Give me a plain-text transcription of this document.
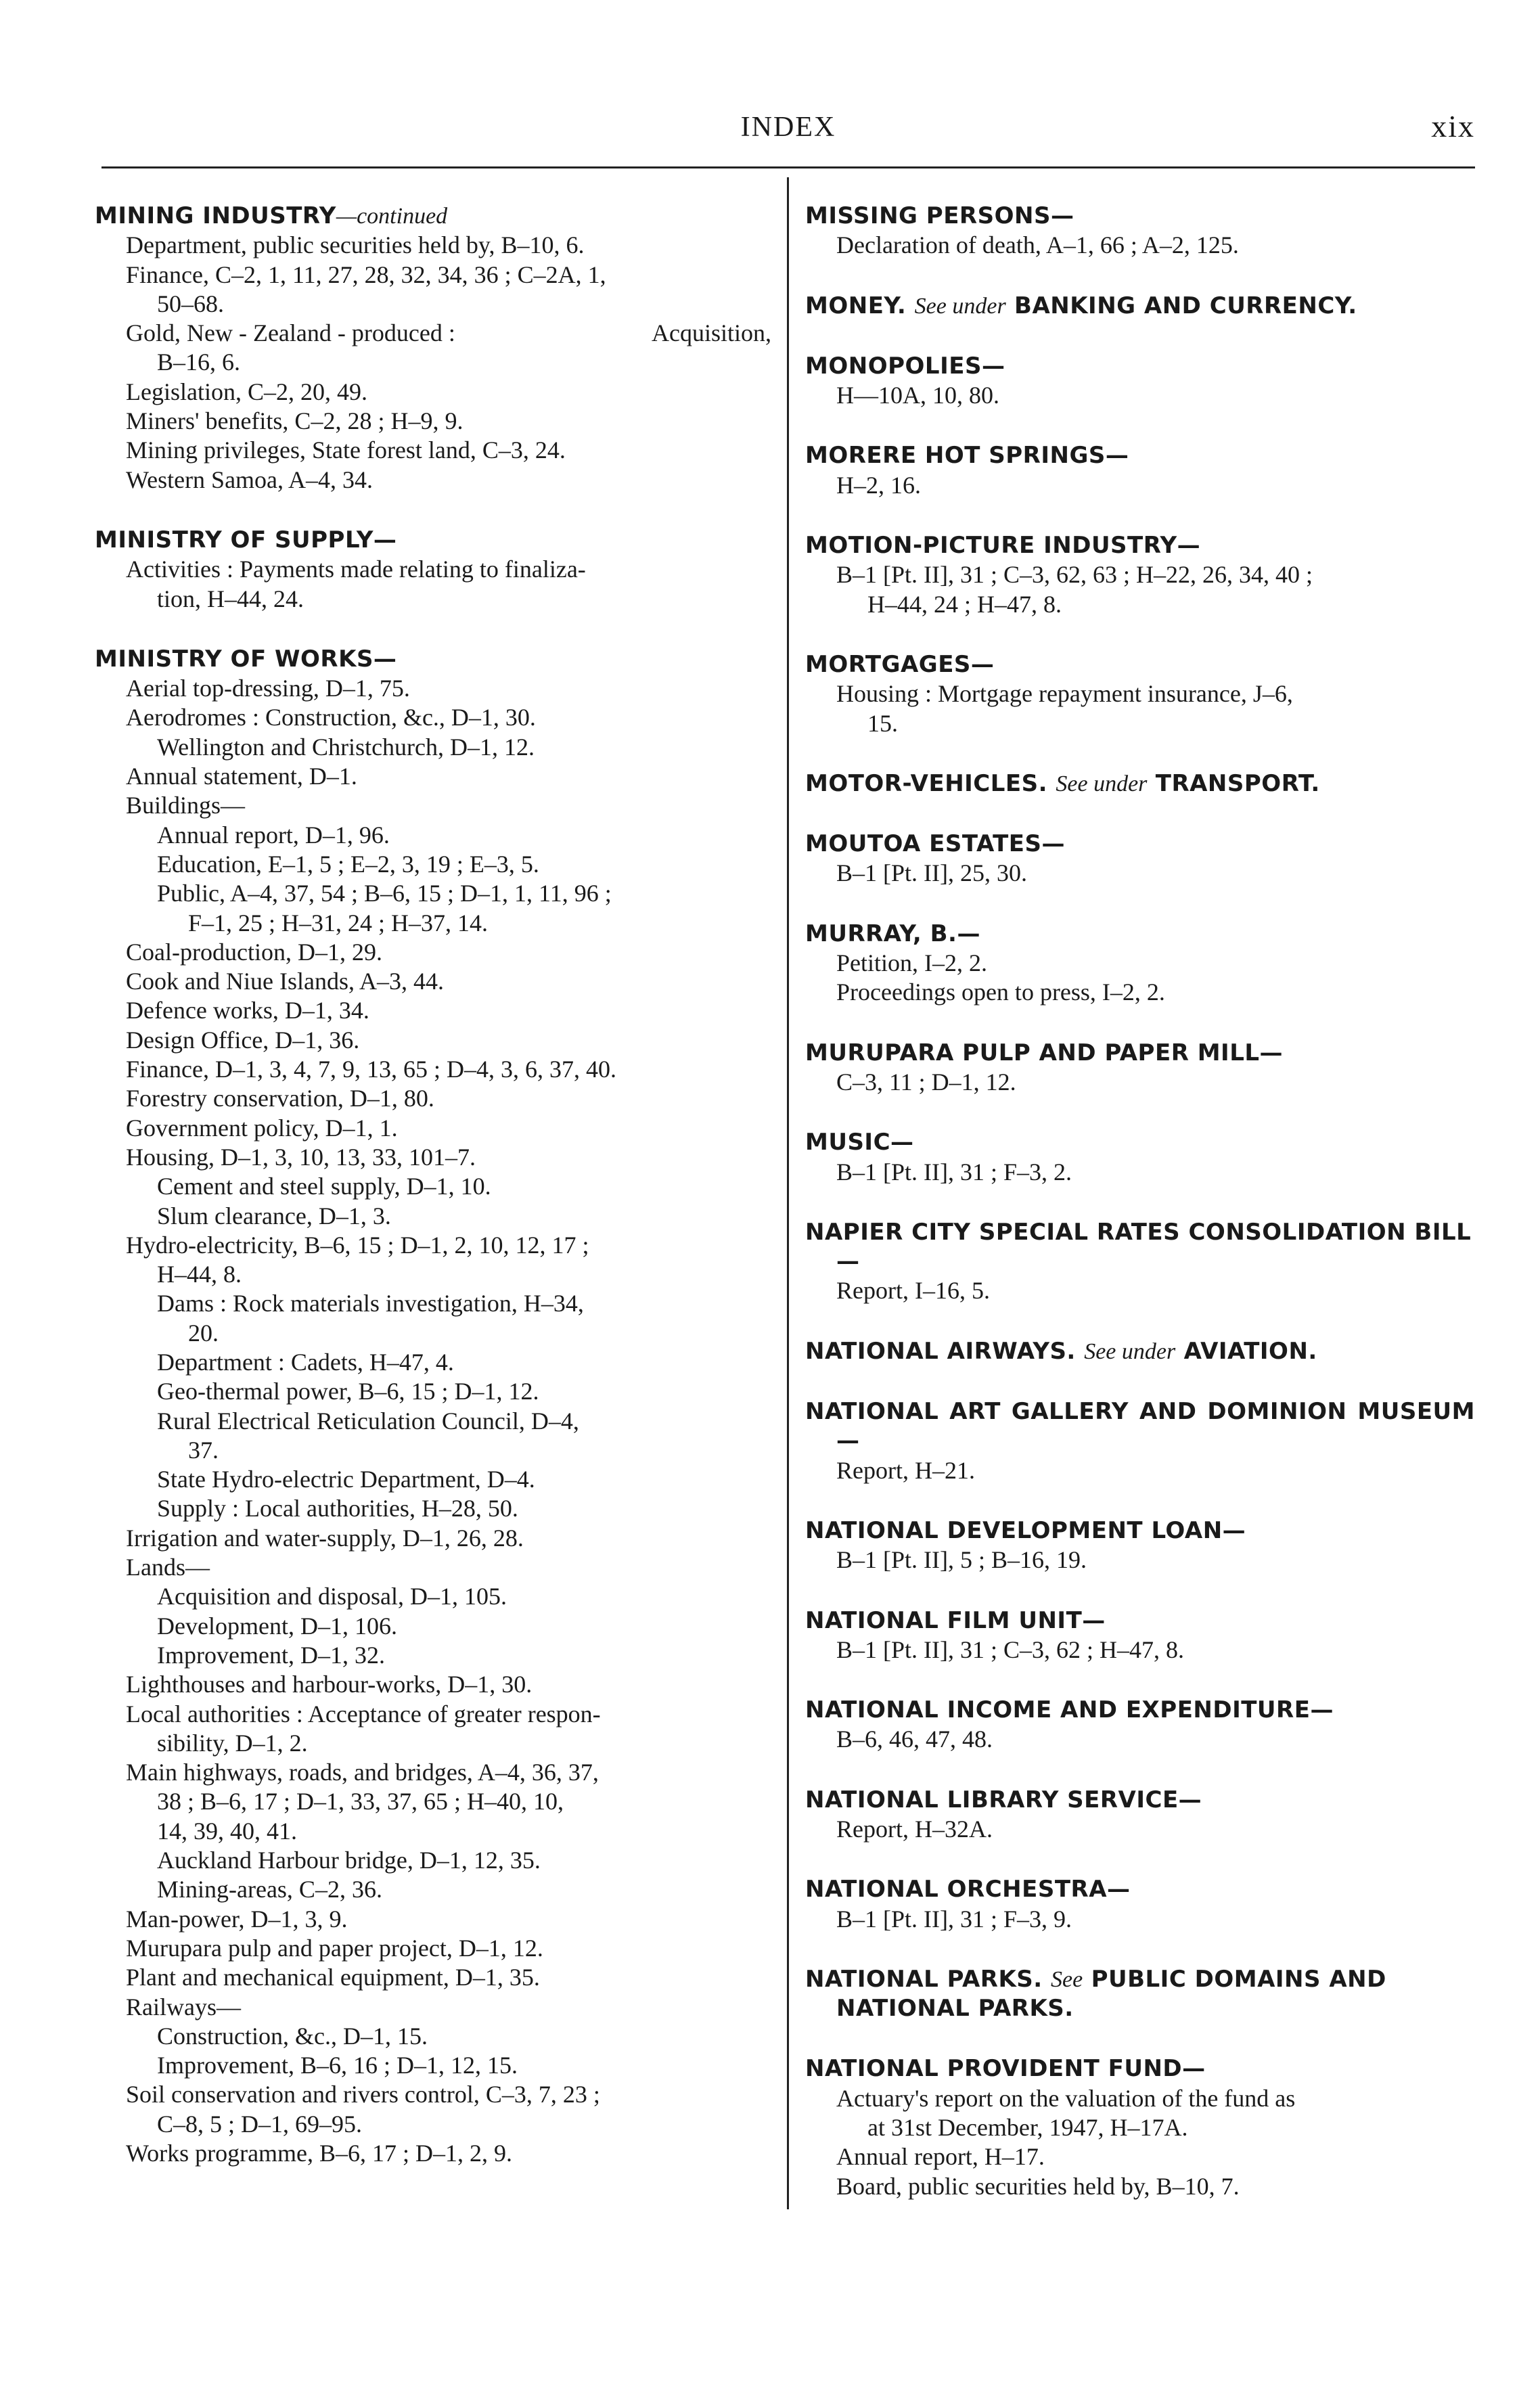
INDEX	xix
MINING INDUSTRY—continued
Department, public securities held by, B–10, 6.
Finance, C–2, 1, 11, 27, 28, 32, 34, 36 ; C–2A, 1,
50–68.
Gold, New - Zealand - produced :	Acquisition,
B–16, 6.
Legislation, C–2, 20, 49.
Miners' benefits, C–2, 28 ; H–9, 9.
Mining privileges, State forest land, C–3, 24.
Western Samoa, A–4, 34.
MINISTRY OF SUPPLY—
Activities : Payments made relating to finaliza-
tion, H–44, 24.
MINISTRY OF WORKS—
Aerial top-dressing, D–1, 75.
Aerodromes : Construction, &c., D–1, 30.
Wellington and Christchurch, D–1, 12.
Annual statement, D–1.
Buildings—
Annual report, D–1, 96.
Education, E–1, 5 ; E–2, 3, 19 ; E–3, 5.
Public, A–4, 37, 54 ; B–6, 15 ; D–1, 1, 11, 96 ;
F–1, 25 ; H–31, 24 ; H–37, 14.
Coal-production, D–1, 29.
Cook and Niue Islands, A–3, 44.
Defence works, D–1, 34.
Design Office, D–1, 36.
Finance, D–1, 3, 4, 7, 9, 13, 65 ; D–4, 3, 6, 37, 40.
Forestry conservation, D–1, 80.
Government policy, D–1, 1.
Housing, D–1, 3, 10, 13, 33, 101–7.
Cement and steel supply, D–1, 10.
Slum clearance, D–1, 3.
Hydro-electricity, B–6, 15 ; D–1, 2, 10, 12, 17 ;
H–44, 8.
Dams : Rock materials investigation, H–34,
20.
Department : Cadets, H–47, 4.
Geo-thermal power, B–6, 15 ; D–1, 12.
Rural Electrical Reticulation Council, D–4,
37.
State Hydro-electric Department, D–4.
Supply : Local authorities, H–28, 50.
Irrigation and water-supply, D–1, 26, 28.
Lands—
Acquisition and disposal, D–1, 105.
Development, D–1, 106.
Improvement, D–1, 32.
Lighthouses and harbour-works, D–1, 30.
Local authorities : Acceptance of greater respon-
sibility, D–1, 2.
Main highways, roads, and bridges, A–4, 36, 37,
38 ; B–6, 17 ; D–1, 33, 37, 65 ; H–40, 10,
14, 39, 40, 41.
Auckland Harbour bridge, D–1, 12, 35.
Mining-areas, C–2, 36.
Man-power, D–1, 3, 9.
Murupara pulp and paper project, D–1, 12.
Plant and mechanical equipment, D–1, 35.
Railways—
Construction, &c., D–1, 15.
Improvement, B–6, 16 ; D–1, 12, 15.
Soil conservation and rivers control, C–3, 7, 23 ;
C–8, 5 ; D–1, 69–95.
Works programme, B–6, 17 ; D–1, 2, 9.
MISSING PERSONS—
Declaration of death, A–1, 66 ; A–2, 125.
MONEY. See under BANKING AND CURRENCY.
MONOPOLIES—
H—10A, 10, 80.
MORERE HOT SPRINGS—
H–2, 16.
MOTION-PICTURE INDUSTRY—
B–1 [Pt. II], 31 ; C–3, 62, 63 ; H–22, 26, 34, 40 ;
H–44, 24 ; H–47, 8.
MORTGAGES—
Housing : Mortgage repayment insurance, J–6,
15.
MOTOR-VEHICLES. See under TRANSPORT.
MOUTOA ESTATES—
B–1 [Pt. II], 25, 30.
MURRAY, B.—
Petition, I–2, 2.
Proceedings open to press, I–2, 2.
MURUPARA PULP AND PAPER MILL—
C–3, 11 ; D–1, 12.
MUSIC—
B–1 [Pt. II], 31 ; F–3, 2.
NAPIER CITY SPECIAL RATES CONSOLIDATION BILL—
Report, I–16, 5.
NATIONAL AIRWAYS. See under AVIATION.
NATIONAL ART GALLERY AND DOMINION MUSEUM—
Report, H–21.
NATIONAL DEVELOPMENT LOAN—
B–1 [Pt. II], 5 ; B–16, 19.
NATIONAL FILM UNIT—
B–1 [Pt. II], 31 ; C–3, 62 ; H–47, 8.
NATIONAL INCOME AND EXPENDITURE—
B–6, 46, 47, 48.
NATIONAL LIBRARY SERVICE—
Report, H–32A.
NATIONAL ORCHESTRA—
B–1 [Pt. II], 31 ; F–3, 9.
NATIONAL PARKS. See PUBLIC DOMAINS AND NATIONAL PARKS.
NATIONAL PROVIDENT FUND—
Actuary's report on the valuation of the fund as
at 31st December, 1947, H–17A.
Annual report, H–17.
Board, public securities held by, B–10, 7.
